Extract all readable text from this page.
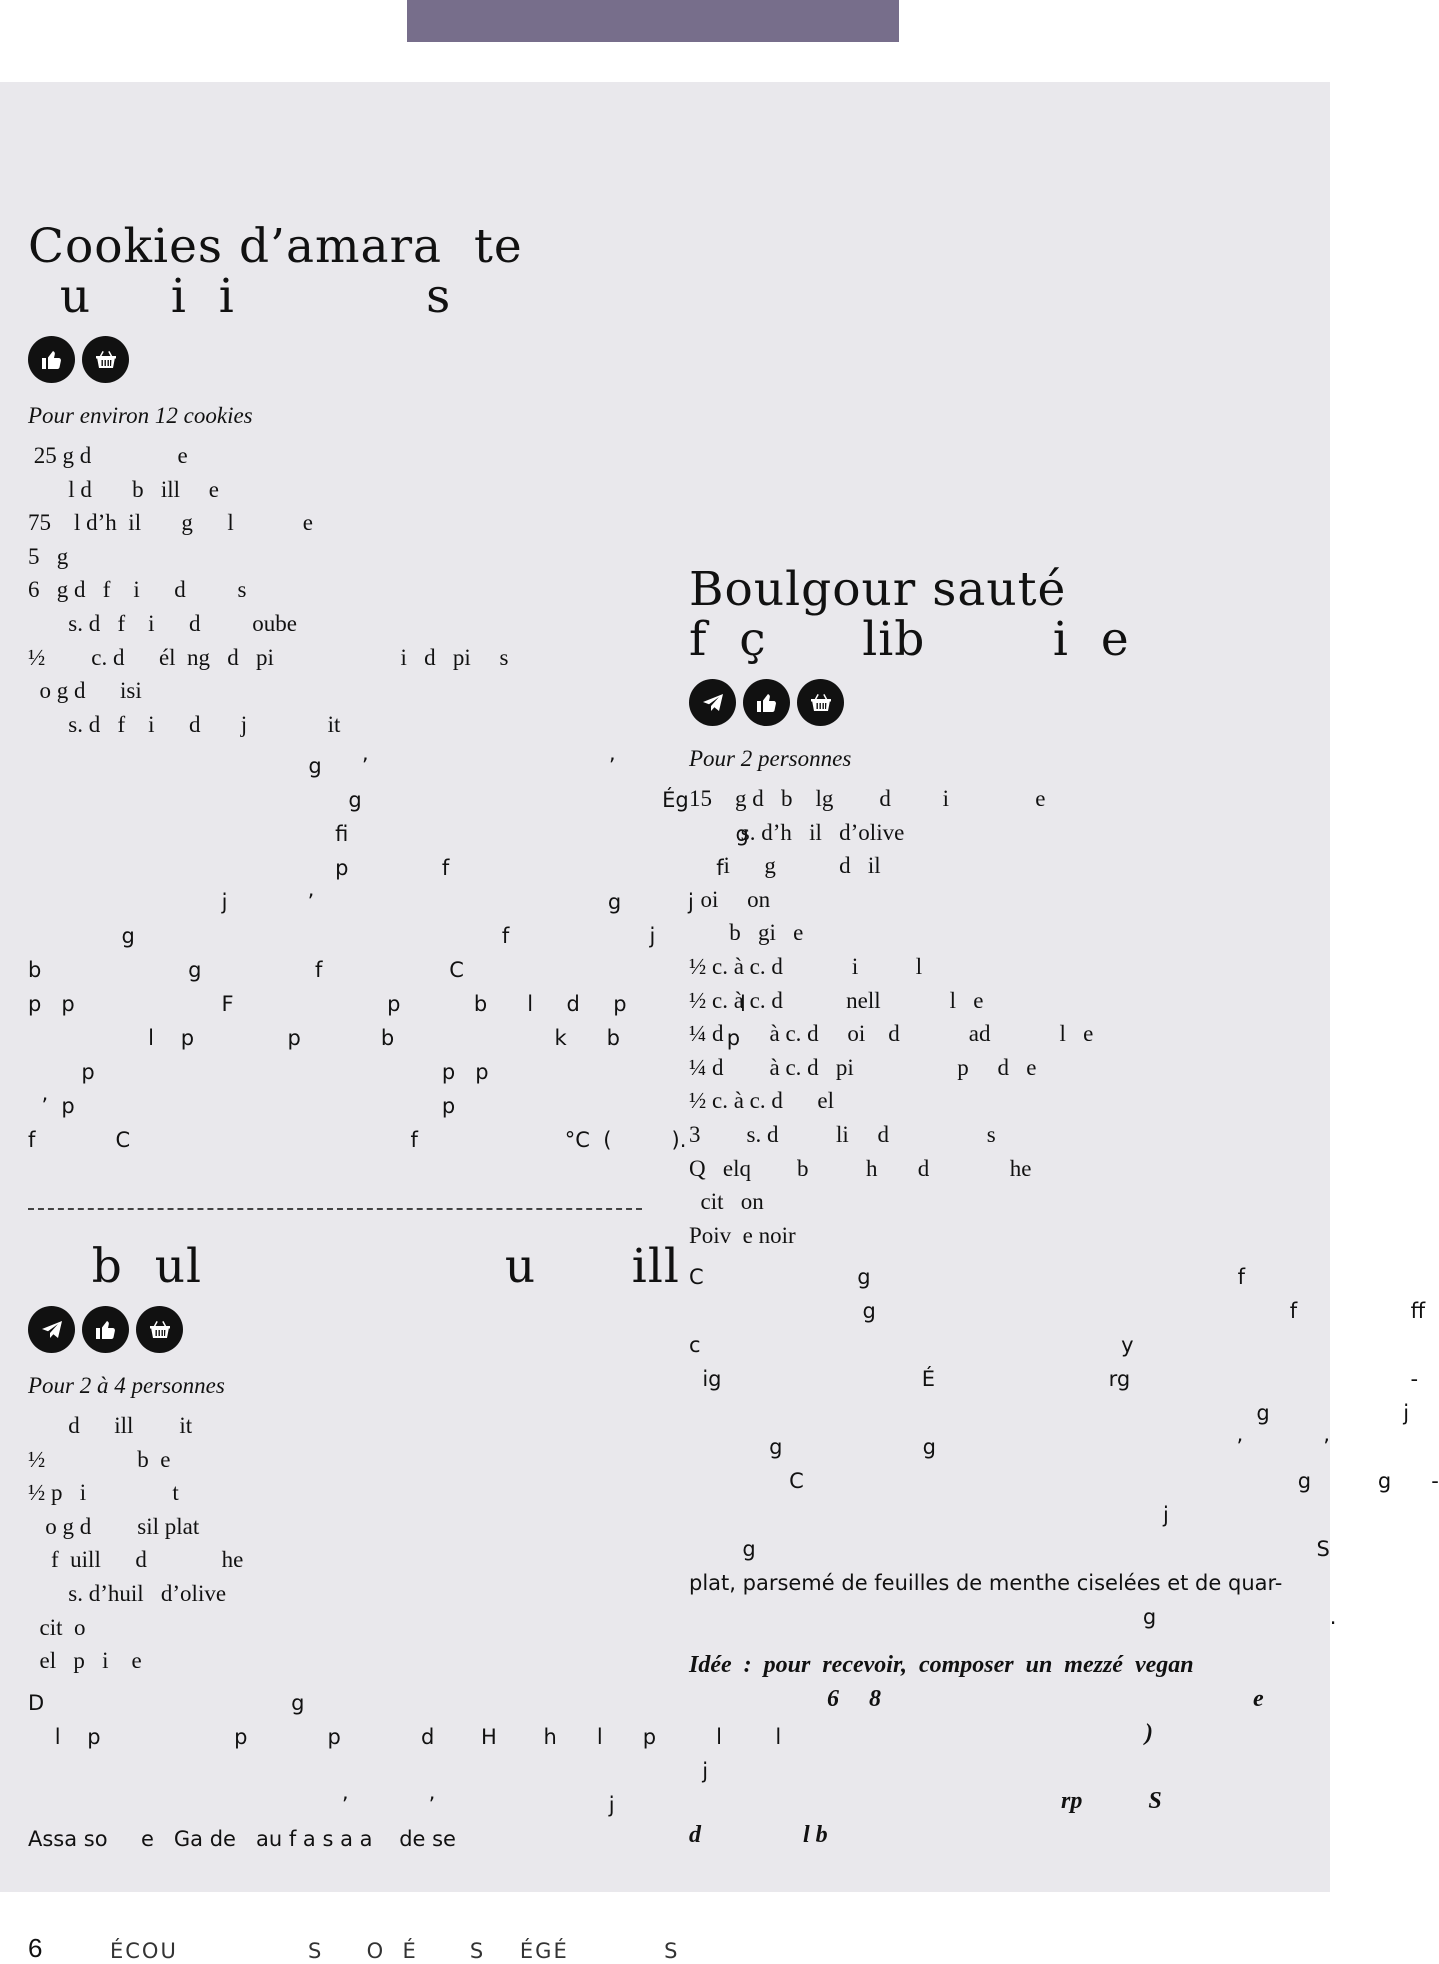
Cookies d’amara  te
u     i  i            s

Pour environ 12 cookies

25 g d               e
l d       b   ill     e
75    l d’h  il       g      l            e
5   g
6   g d   f    i      d         s
s. d   f    i      d         oube
½        c. d      él  ng   d   pi                      i   d   pi     s
o g d      isi
s. d   f    i      d       j              it
g      ’                                    ’
g                                             Ég
fi                                                          g
p              f                                        f
j            ’                                            g          j
g                                                       f                     j
b                      g                 f                   C
p   p                      F                       p           b      l     d     p                 l
l    p              p            b                        k      b                p
p                                                    p   p
’  p                                                       p
f            C                                          f                      °C  (         ).
b  ul                   u      ill

Pour 2 à 4 personnes

d      ill        it
½                b  e
½ p   i               t
o g d        sil plat
f  uill      d             he
s. d’huil   d’olive
cit  o
el   p   i    e
D                                     g
l    p                    p            p            d       H       h      l      p         l        l
j
’            ’                          j
Assa so     e   Ga de   au f a s a a    de se
Boulgour sauté
f  ç      lib        i  e

Pour 2 personnes

15    g d   b    lg        d         i               e
s. d’h   il   d’olive
i      g           d   il
oi     on
b   gi   e
½ c. à c. d            i          l
½ c. à c. d           nell            l   e
¼ d        à c. d     oi    d            ad            l   e
¼ d        à c. d   pi                  p     d   e
½ c. à c. d      el
3        s. d          li     d                 s
Q   elq        b          h       d              he
cit   on
Poiv  e noir
C                       g                                                       f
g                                                              f                 ff
c                                                               y
ig                              É                          rg                                          -
g                    j
g                     g                                             ’            ’
C                                                                          g          g      -
j
g                                                                                    S
plat, parsemé de feuilles de menthe ciselées et de quar-
g                          .
Idée  :  pour  recevoir,  composer  un  mezzé  vegan
6     8                                                              e
)
rp           S
d                 l b
6	ÉCOU               S     O  É      S    ÉGÉ           S
